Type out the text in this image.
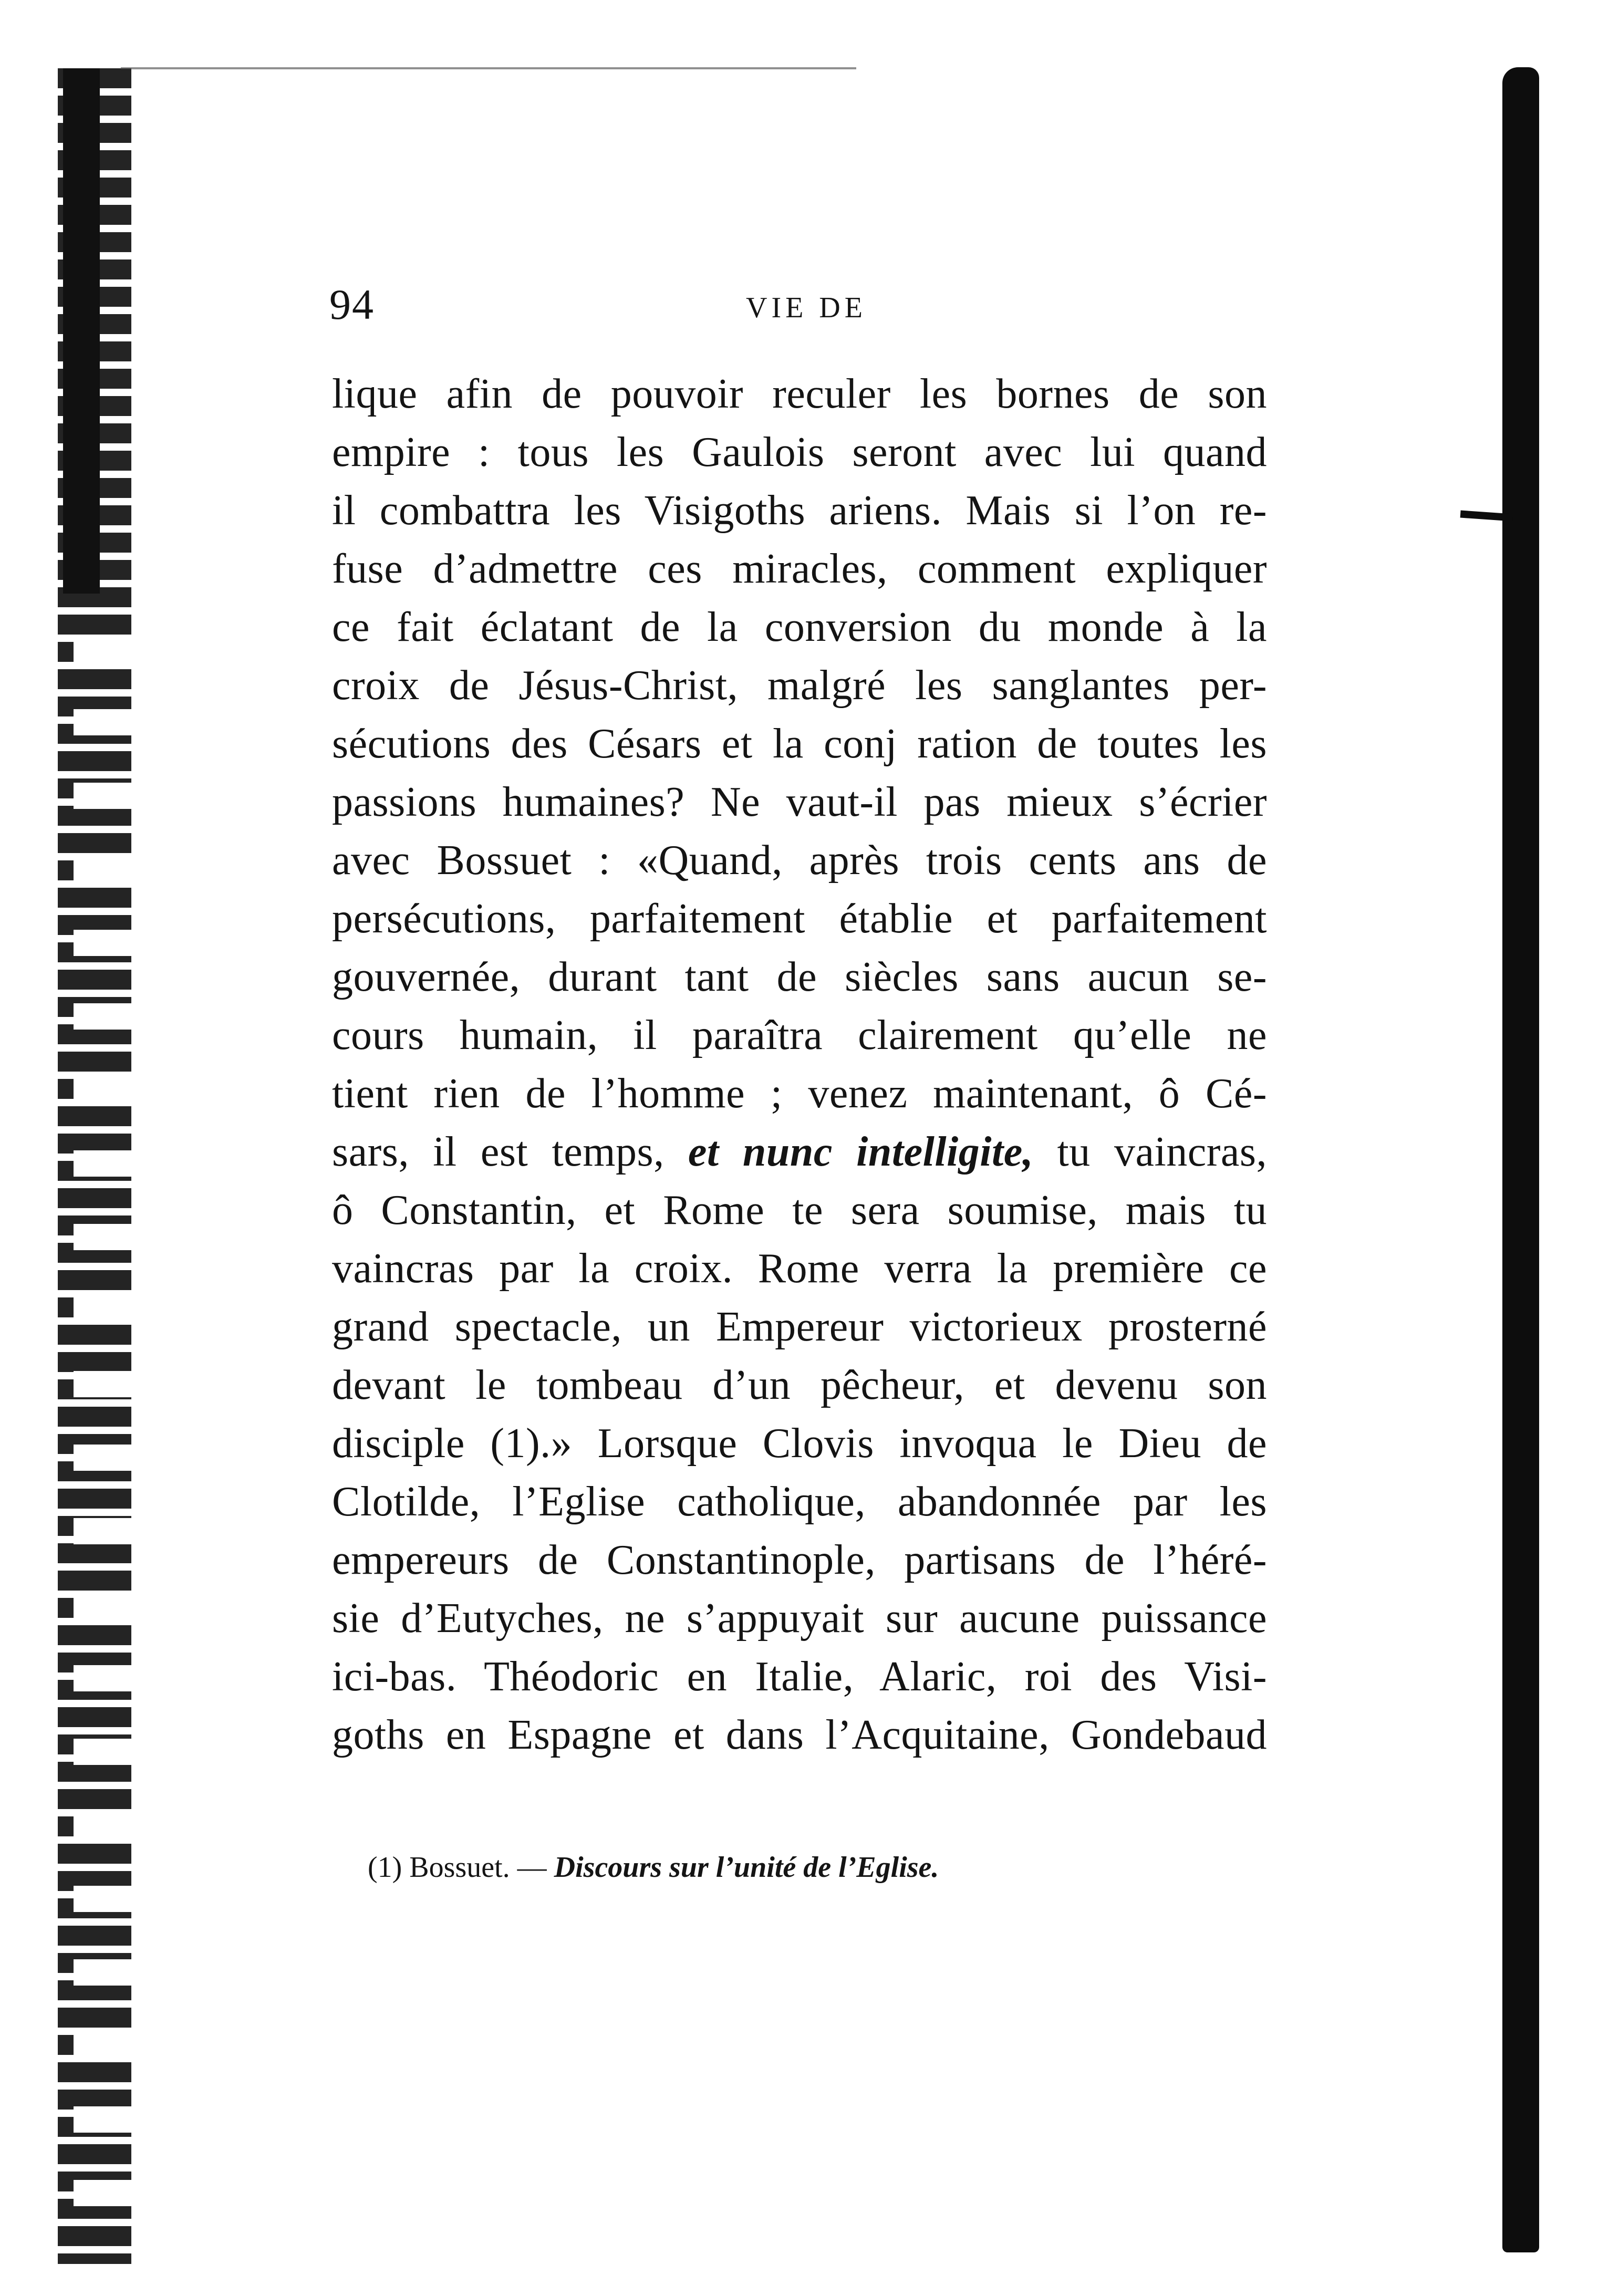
94	VIE DE
lique afin de pouvoir reculer les bornes de son
empire : tous les Gaulois seront avec lui quand
il combattra les Visigoths ariens. Mais si l’on re-
fuse d’admettre ces miracles, comment expliquer
ce fait éclatant de la conversion du monde à la
croix de Jésus-Christ, malgré les sanglantes per-
sécutions des Césars et la conj ration de toutes les
passions humaines? Ne vaut-il pas mieux s’écrier
avec Bossuet : «Quand, après trois cents ans de
persécutions, parfaitement établie et parfaitement
gouvernée, durant tant de siècles sans aucun se-
cours humain, il paraîtra clairement qu’elle ne
tient rien de l’homme ; venez maintenant, ô Cé-
sars, il est temps, et nunc intelligite, tu vaincras,
ô Constantin, et Rome te sera soumise, mais tu
vaincras par la croix. Rome verra la première ce
grand spectacle, un Empereur victorieux prosterné
devant le tombeau d’un pêcheur, et devenu son
disciple (1).» Lorsque Clovis invoqua le Dieu de
Clotilde, l’Eglise catholique, abandonnée par les
empereurs de Constantinople, partisans de l’héré-
sie d’Eutyches, ne s’appuyait sur aucune puissance
ici-bas. Théodoric en Italie, Alaric, roi des Visi-
goths en Espagne et dans l’Acquitaine, Gondebaud
(1) Bossuet. — Discours sur l’unité de l’Eglise.
